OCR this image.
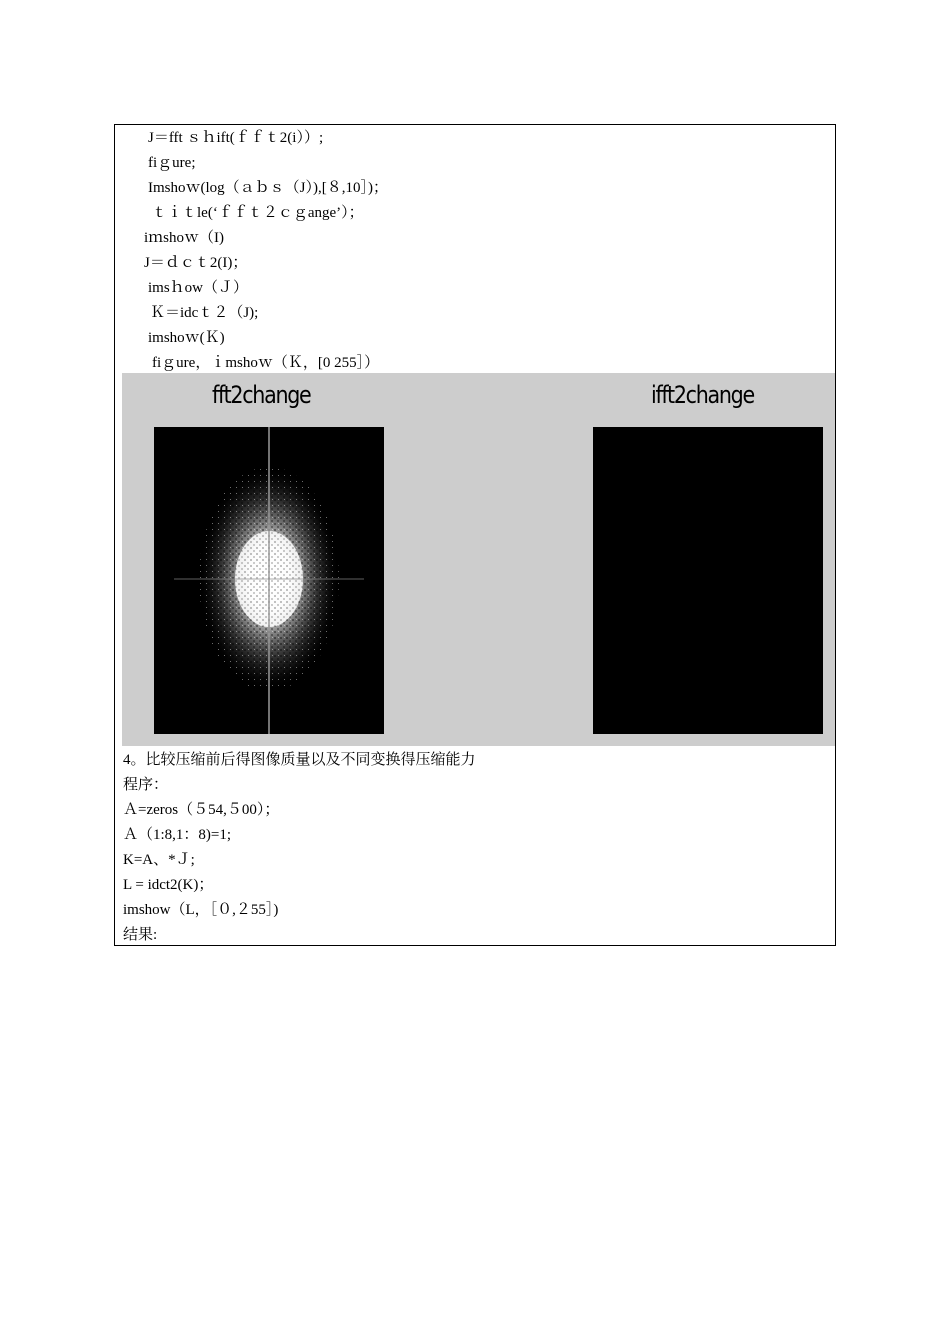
J＝fft ｓｈift(ｆｆｔ2(i））;
fiｇure;
Imshoｗ(log（ａｂｓ（J）),[８,10］)；
ｔｉｔle(‘ｆｆｔ２ｃｇange’）；
iｍshoｗ（I)
J＝ｄｃｔ2(I)；
imsｈow（Ｊ）
Ｋ＝idcｔ２（J);
imshoｗ(Ｋ)
fiｇure，ｉmshoｗ（Ｋ，[0 255］）
fft2change	ifft2change
4。比较压缩前后得图像质量以及不同变换得压缩能力
程序：
Ａ=zeros（５54,５00）；
Ａ（1:8,1：8)=1;
K=A、*Ｊ;
L = idct2(K)；
imshow（L，［０,２55］)
结果:
